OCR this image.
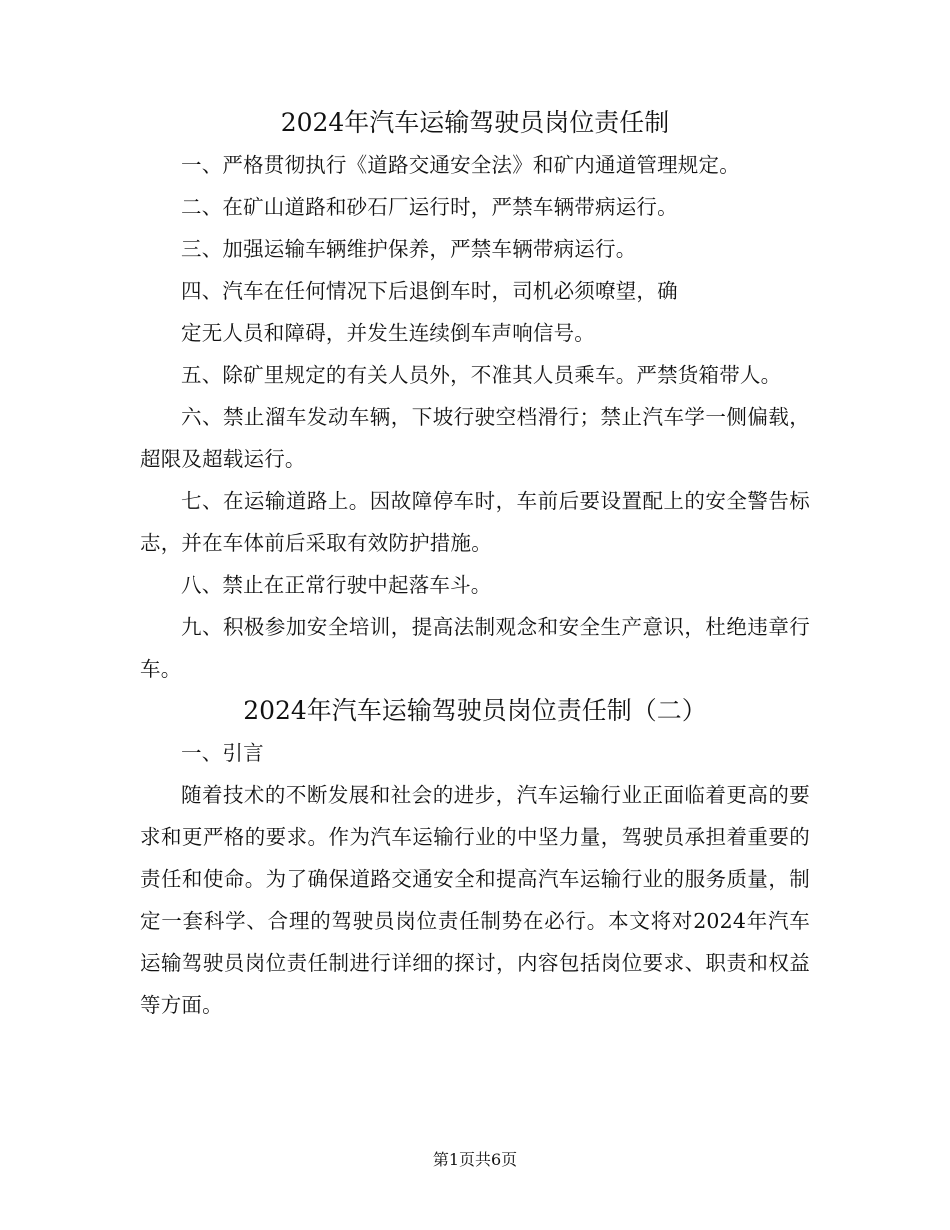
2024年汽车运输驾驶员岗位责任制

一、严格贯彻执行《道路交通安全法》和矿内通道管理规定。

二、在矿山道路和砂石厂运行时，严禁车辆带病运行。

三、加强运输车辆维护保养，严禁车辆带病运行。

四、汽车在任何情况下后退倒车时，司机必须嘹望，确

定无人员和障碍，并发生连续倒车声响信号。

五、除矿里规定的有关人员外，不准其人员乘车。严禁货箱带人。

六、禁止溜车发动车辆，下坡行驶空档滑行；禁止汽车学一侧偏载，超限及超载运行。

七、在运输道路上。因故障停车时，车前后要设置配上的安全警告标志，并在车体前后采取有效防护措施。

八、禁止在正常行驶中起落车斗。

九、积极参加安全培训，提高法制观念和安全生产意识，杜绝违章行车。

2024年汽车运输驾驶员岗位责任制（二）

一、引言

随着技术的不断发展和社会的进步，汽车运输行业正面临着更高的要求和更严格的要求。作为汽车运输行业的中坚力量，驾驶员承担着重要的责任和使命。为了确保道路交通安全和提高汽车运输行业的服务质量，制定一套科学、合理的驾驶员岗位责任制势在必行。本文将对2024年汽车运输驾驶员岗位责任制进行详细的探讨，内容包括岗位要求、职责和权益等方面。

第1页共6页
